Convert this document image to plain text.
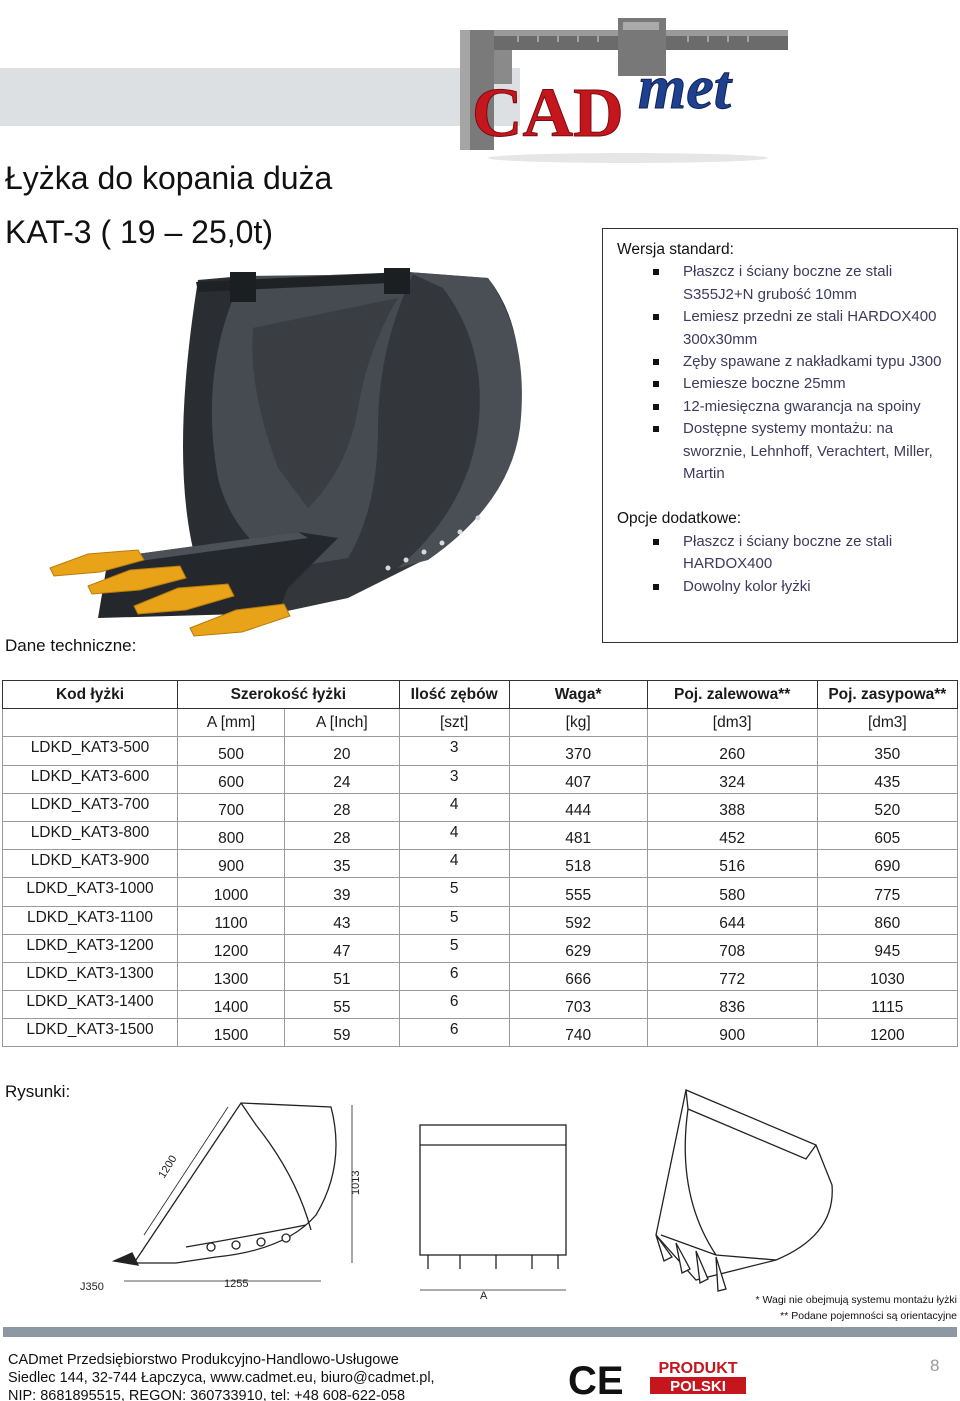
CAD met
Łyżka do kopania duża
KAT-3 ( 19 – 25,0t)	Wersja standard:
Płaszcz i ściany boczne ze stali S355J2+N grubość 10mm
Lemiesz przedni ze stali HARDOX400 300x30mm
Zęby spawane z nakładkami typu J300
Lemiesze boczne 25mm
12-miesięczna gwarancja na spoiny
Dostępne systemy montażu: na sworznie, Lehnhoff, Verachtert, Miller, Martin
Opcje dodatkowe:
Płaszcz i ściany boczne ze stali HARDOX400
Dowolny kolor łyżki
Dane techniczne:
Kod łyżki	Szerokość łyżki		Ilość zębów	Waga*	Poj. zalewowa**	Poj. zasypowa**
	A [mm]	A [Inch]	[szt]	[kg]	[dm3]	[dm3]
LDKD_KAT3-500	500	20	3	370	260	350
LDKD_KAT3-600	600	24	3	407	324	435
LDKD_KAT3-700	700	28	4	444	388	520
LDKD_KAT3-800	800	28	4	481	452	605
LDKD_KAT3-900	900	35	4	518	516	690
LDKD_KAT3-1000	1000	39	5	555	580	775
LDKD_KAT3-1100	1100	43	5	592	644	860
LDKD_KAT3-1200	1200	47	5	629	708	945
LDKD_KAT3-1300	1300	51	6	666	772	1030
LDKD_KAT3-1400	1400	55	6	703	836	1115
LDKD_KAT3-1500	1500	59	6	740	900	1200
Rysunki:
1200
1013
1255
J350
A	* Wagi nie obejmują systemu montażu łyżki
** Podane pojemności są orientacyjne
CADmet Przedsiębiorstwo Produkcyjno-Handlowo-Usługowe
Siedlec 144, 32-744 Łapczyca, www.cadmet.eu, biuro@cadmet.pl,
NIP: 8681895515, REGON: 360733910, tel: +48 608-622-058	CE PRODUKT
POLSKI
8
